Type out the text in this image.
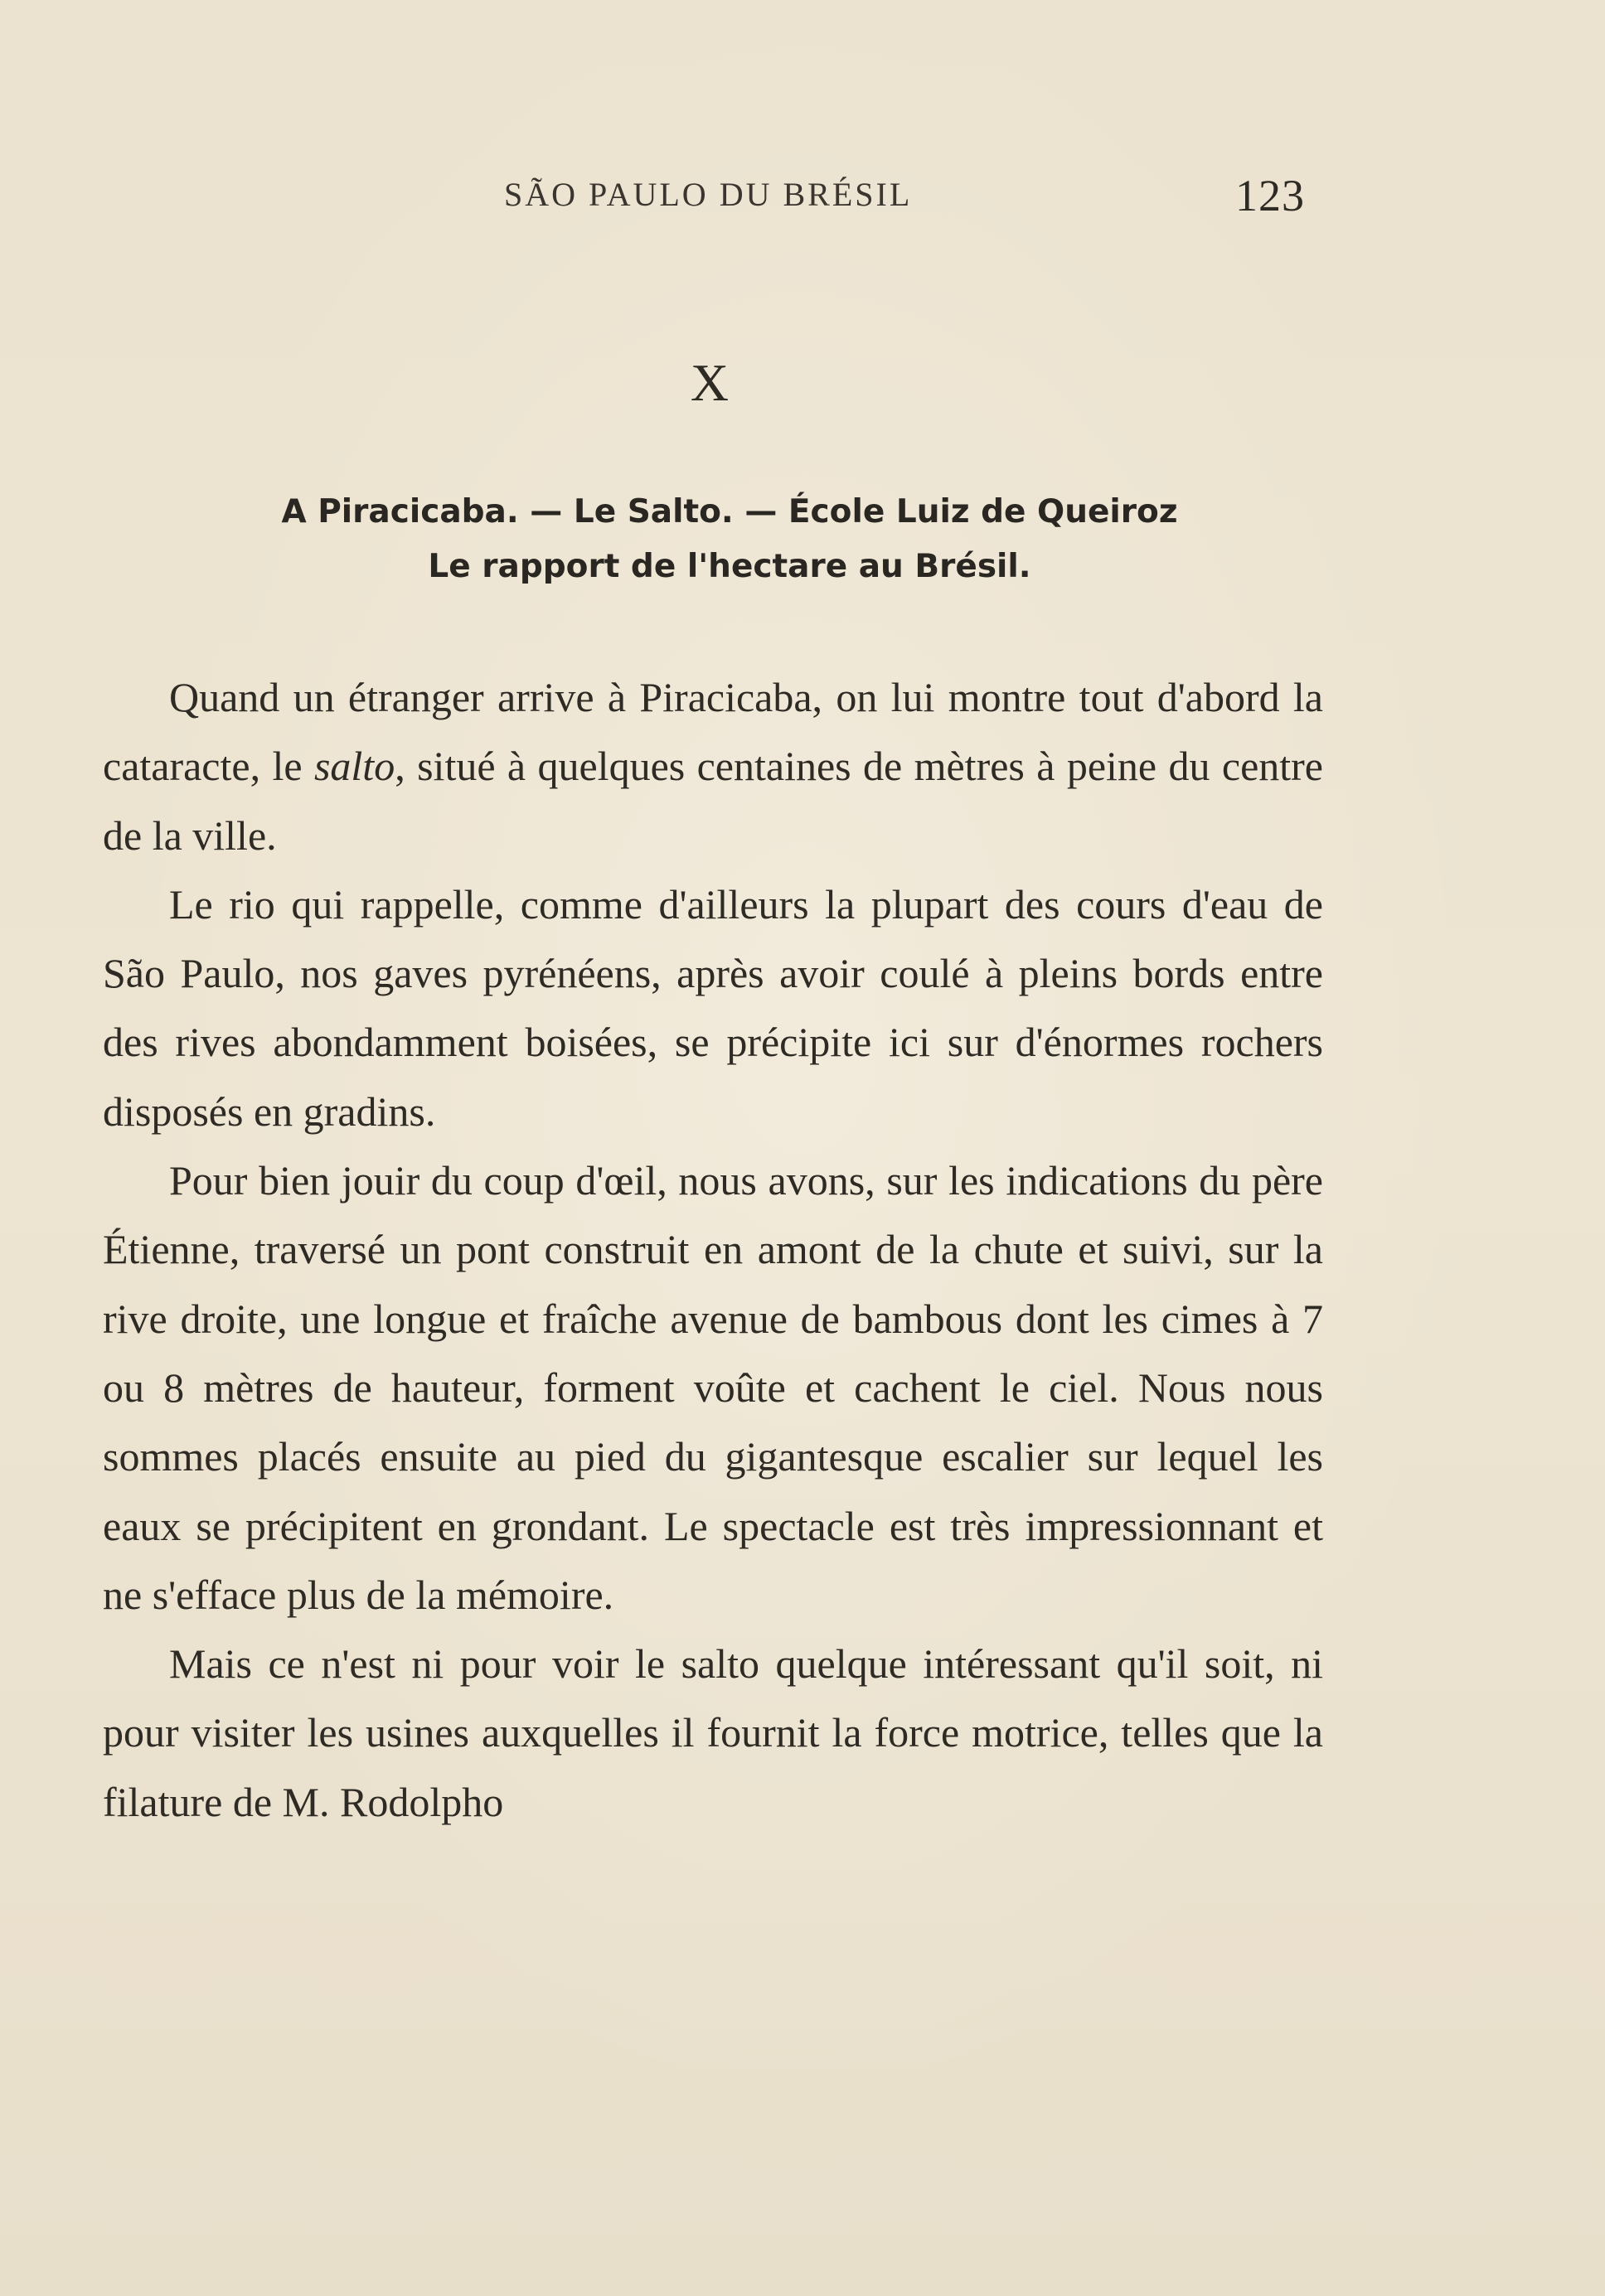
SÃO PAULO DU BRÉSIL	123
X
A Piracicaba. — Le Salto. — École Luiz de Queiroz
Le rapport de l'hectare au Brésil.

Quand un étranger arrive à Piracicaba, on lui montre tout d'abord la cataracte, le salto, situé à quelques centaines de mètres à peine du centre de la ville.

Le rio qui rappelle, comme d'ailleurs la plupart des cours d'eau de São Paulo, nos gaves pyrénéens, après avoir coulé à pleins bords entre des rives abondamment boisées, se précipite ici sur d'énormes rochers disposés en gradins.

Pour bien jouir du coup d'œil, nous avons, sur les indications du père Étienne, traversé un pont construit en amont de la chute et suivi, sur la rive droite, une longue et fraîche avenue de bambous dont les cimes à 7 ou 8 mètres de hauteur, forment voûte et cachent le ciel. Nous nous sommes placés ensuite au pied du gigantesque escalier sur lequel les eaux se précipitent en grondant. Le spectacle est très impressionnant et ne s'efface plus de la mémoire.

Mais ce n'est ni pour voir le salto quelque intéressant qu'il soit, ni pour visiter les usines auxquelles il fournit la force motrice, telles que la filature de M. Rodolpho
